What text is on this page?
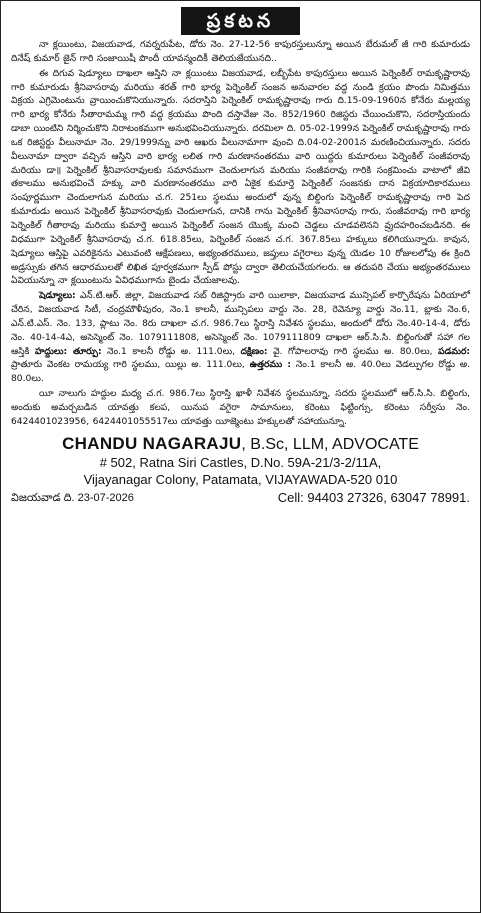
ప్రకటన

నా క్లయింటు, విజయవాడ, గవర్నరుపేట, డోరు నెం. 27-12-56 కాపురస్తులున్నూ అయిన బేరుమల్ జీ గారి కుమారుడు దినేష్ కుమార్ జైన్ గారి సంజాయిషీ పొందీ యావన్మందికీ తెలియజేయునది..

ఈ దిగువ షెడ్యూలు దాఖలా ఆస్తిని నా క్లయింటు విజయవాడ, లబ్బీపేట కాపురస్తులు అయిన పెర్నెంకిల్ రామకృష్ణారావు గారి కుమారుడు శ్రీనివాసరావు మరియు శరత్ గారి భార్య పెర్నెంకిల్ సంజన అనువారల వద్ద నుండి క్రయం పొందు నిమిత్తము విక్రయ ఎగ్రిమెంటును వ్రాయించుకొనియున్నారు. సదరాస్తిని పెర్నెంకిల్ రామకృష్ణారావు గారు ది.15-09-1960న కోనేరు మల్లయ్య గారి భార్య కోనేరు సీతారామమ్మ గారి వద్ద క్రయము పొంది దస్తావేజు నెం. 852/1960 రిజిస్టరు చేయించుకొని, సదరాస్తియందు డాబా యింటిని నిర్మించుకొని నిరాటంకముగా అనుభవించియున్నారు. దరమిలా ది. 05-02-1999న పెర్నెంకిల్ రామకృష్ణారావు గారు ఒక రిజిస్టర్డు వీలునామా నెం. 29/1999న్ను వారి ఆఖరు వీలునామాగా వుంచి ది.04-02-2001న మరణించియున్నారు. సదరు వీలునామా ద్వారా వచ్చిన ఆస్తిని వారి భార్య లలిత గారి మరణానంతరము వారి యిద్దరు కుమారులు పెర్నెంకిల్ సంజీవరావు మరియు డా॥ పెర్నెంకిల్ శ్రీనివాసరావులకు సమానముగా చెందులాగున మరియు సంజీవరావు గారికి సంక్రమించు వాటాలో జీవి తకాలము అనుభవించే హక్కు వారి మరణానంతరము వారి ఏకైక కుమార్తె పెర్నెంకిల్ సంజనకు దాన విక్రయాదికారములు సంపూర్ణముగా చెందులాగున మరియు చ.గ. 251లు స్థలము అందులో వున్న బిల్డింగు పెర్నెంకిల్ రామకృష్ణారావు గారి పెద కుమారుడు అయిన పెర్నెంకిల్ శ్రీనివాసరావుకు చెందులాగున, దానికి గాను పెర్నెంకిల్ శ్రీనివాసరావు గారు, సంజీవరావు గారి భార్య పెర్నెంకిల్ గీతారావు మరియు కుమార్తె అయిన పెర్నెంకిల్ సంజన యొక్క మంచి చెడ్డలు చూడవలెనని వ్రుదహరించబడినది. ఈ విధముగా పెర్నెంకిల్ శ్రీనివాసరావు చ.గ. 618.85లు, పెర్నెంకిల్ సంజన చ.గ. 367.85లు హక్కులు కలిగియున్నారు. కావున, షెడ్యూలు ఆస్తిపై ఎవరికైనను ఎటువంటి ఆక్షేపణలు, అభ్యంతరములు, జప్తులు వగైరాలు వున్న యెడల 10 రోజులలోపు ఈ క్రింది అడ్రస్సుకు తగిన ఆధారములతో లిఖిత పూర్వకముగా స్పీడ్ పోస్టు ద్వారా తెలియచేయగలరు. ఆ తదుపరి చేయు అభ్యంతరములు ఏవియున్నూ నా క్లయింటును ఏవిధముగాను బైండు చేయజాలవు.

షెడ్యూలు: ఎన్.టి.ఆర్. జిల్లా, విజయవాడ సబ్ రిజిస్ట్రారు వారి యిలాకా, విజయవాడ మున్సిపల్ కార్పొరేషను ఏరియాలో చేరిన, విజయవాడ సిటీ, చంద్రమౌళీపురం, నెం.1 కాలనీ, మున్సిపలు వార్డు నెం. 28, రెవెన్యూ వార్డు నెం.11, బ్లాకు నెం.6, ఎన్.టి.ఎస్. నెం. 133, ప్లాటు నెం. 8రు దాఖలా చ.గ. 986.7లు స్థిరాస్తి నివేశన స్థలము, అందులో డోరు నెం.40-14-4, డోరు నెం. 40-14-4ఎ, అసెస్మెంట్ నెం. 1079111808, అసెస్మెంట్ నెం. 1079111809 దాఖలా ఆర్.సి.సి. బిల్డింగుతో సహా గల ఆస్తికి హద్దులు: తూర్పు: నెం.1 కాలనీ రోడ్డు అ. 111.0లు, దక్షిణం: వై. గోపాలరావు గారి స్థలము అ. 80.0లు, పడమర: ప్రాతూరు వెంకట రామయ్య గారి స్థలము, యిల్లు అ. 111.0లు, ఉత్తరము : నెం.1 కాలనీ అ. 40.0లు వెడల్పుగల రోడ్డు అ. 80.0లు.

యీ నాలుగు హద్దుల మధ్య చ.గ. 986.7లు స్థిరాస్తి ఖాళీ నివేశన స్థలమున్నూ, సదరు స్థలములో ఆర్.సి.సి. బిల్డింగు, అందుకు అమర్చబడిన యావత్తు కలప, యినుప వగైరా సామానులు, కరెంటు ఫిట్టింగ్సు, కరెంటు సర్వీసు నెం. 6424401023956, 6424401055517లు యావత్తు యీజ్మెంటు హక్కులతో సహాయున్నూ.

CHANDU NAGARAJU, B.Sc, LLM, ADVOCATE
# 502, Ratna Siri Castles, D.No. 59A-21/3-2/11A,
Vijayanagar Colony, Patamata, VIJAYAWADA-520 010
విజయవాడ ది. 23-07-2026	Cell: 94403 27326, 63047 78991.
